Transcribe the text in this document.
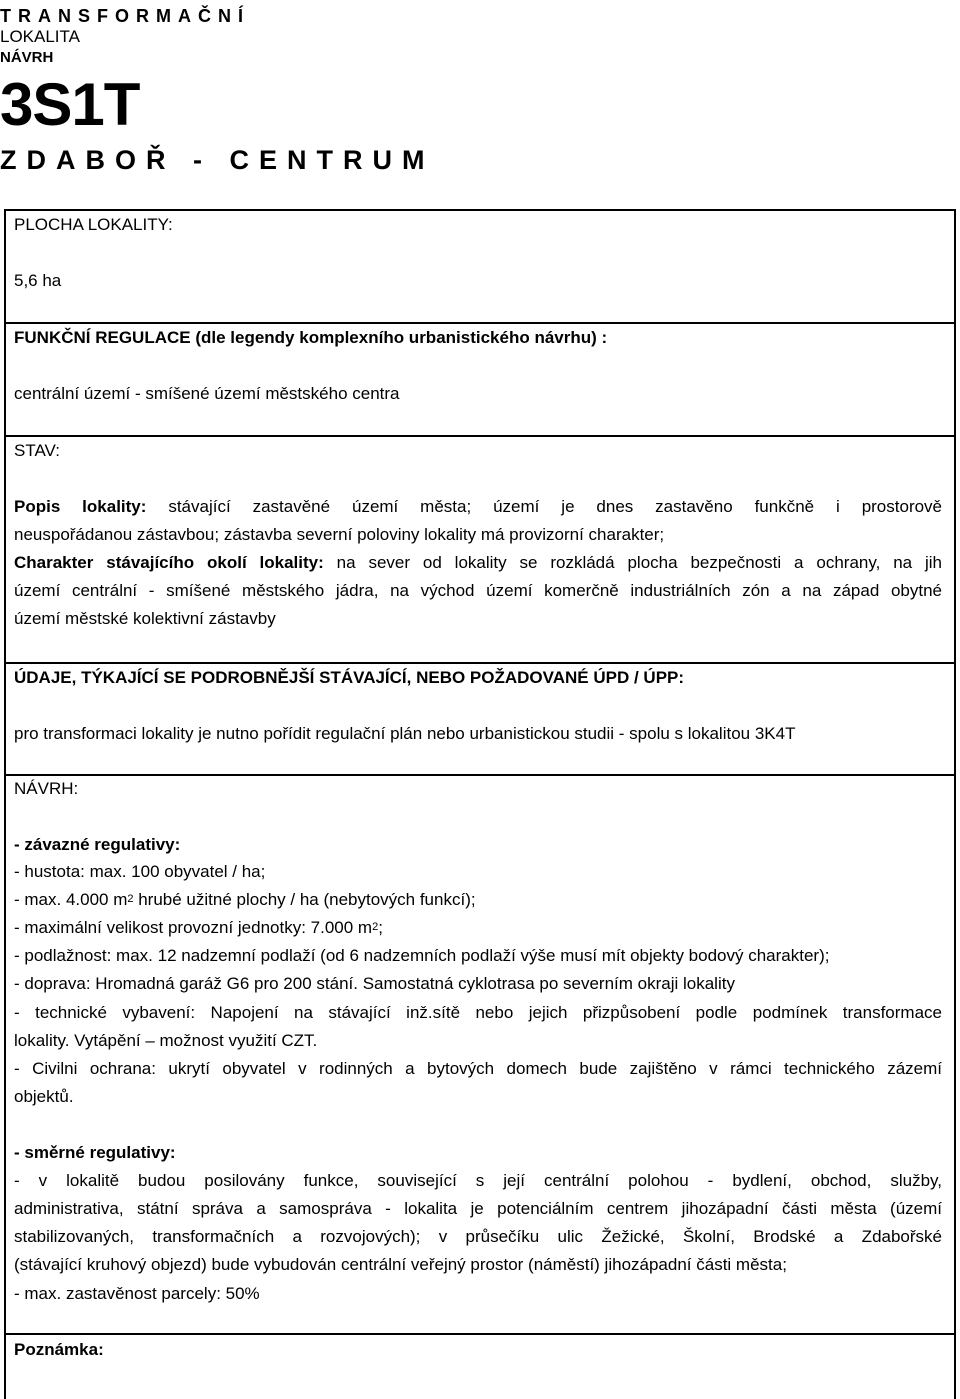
TRANSFORMAČNÍ
LOKALITA
NÁVRH
3S1T
ZDABOŘ - CENTRUM
PLOCHA LOKALITY:
5,6 ha
FUNKČNÍ REGULACE (dle legendy komplexního urbanistického návrhu) :
centrální území - smíšené území městského centra
STAV:
Popis lokality: stávající zastavěné území města; území je dnes zastavěno funkčně i prostorově
neuspořádanou zástavbou; zástavba severní poloviny lokality má provizorní charakter;
Charakter stávajícího okolí lokality: na sever od lokality se rozkládá plocha bezpečnosti a ochrany, na jih
území centrální - smíšené městského jádra, na východ území komerčně industriálních zón a na západ obytné
území městské kolektivní zástavby
ÚDAJE, TÝKAJÍCÍ SE PODROBNĚJŠÍ STÁVAJÍCÍ, NEBO POŽADOVANÉ ÚPD / ÚPP:
pro transformaci lokality je nutno pořídit regulační plán nebo urbanistickou studii - spolu s lokalitou 3K4T
NÁVRH:
- závazné regulativy:
- hustota: max. 100 obyvatel / ha;
- max. 4.000 $m^2$ hrubé užitné plochy / ha (nebytových funkcí);
- maximální velikost provozní jednotky: 7.000 $m^2$;
- podlažnost: max. 12 nadzemní podlaží (od 6 nadzemních podlaží výše musí mít objekty bodový charakter);
- doprava: Hromadná garáž G6 pro 200 stání. Samostatná cyklotrasa po severním okraji lokality
- technické vybavení: Napojení na stávající inž.sítě nebo jejich přizpůsobení podle podmínek transformace
lokality. Vytápění – možnost využití CZT.
- Civilni ochrana: ukrytí obyvatel v rodinných a bytových domech bude zajištěno v rámci technického zázemí
objektů.
- směrné regulativy:
- v lokalitě budou posilovány funkce, související s její centrální polohou - bydlení, obchod, služby,
administrativa, státní správa a samospráva - lokalita je potenciálním centrem jihozápadní části města (území
stabilizovaných, transformačních a rozvojových); v průsečíku ulic Žežické, Školní, Brodské a Zdabořské
(stávající kruhový objezd) bude vybudován centrální veřejný prostor (náměstí) jihozápadní části města;
- max. zastavěnost parcely: 50%
Poznámka:
